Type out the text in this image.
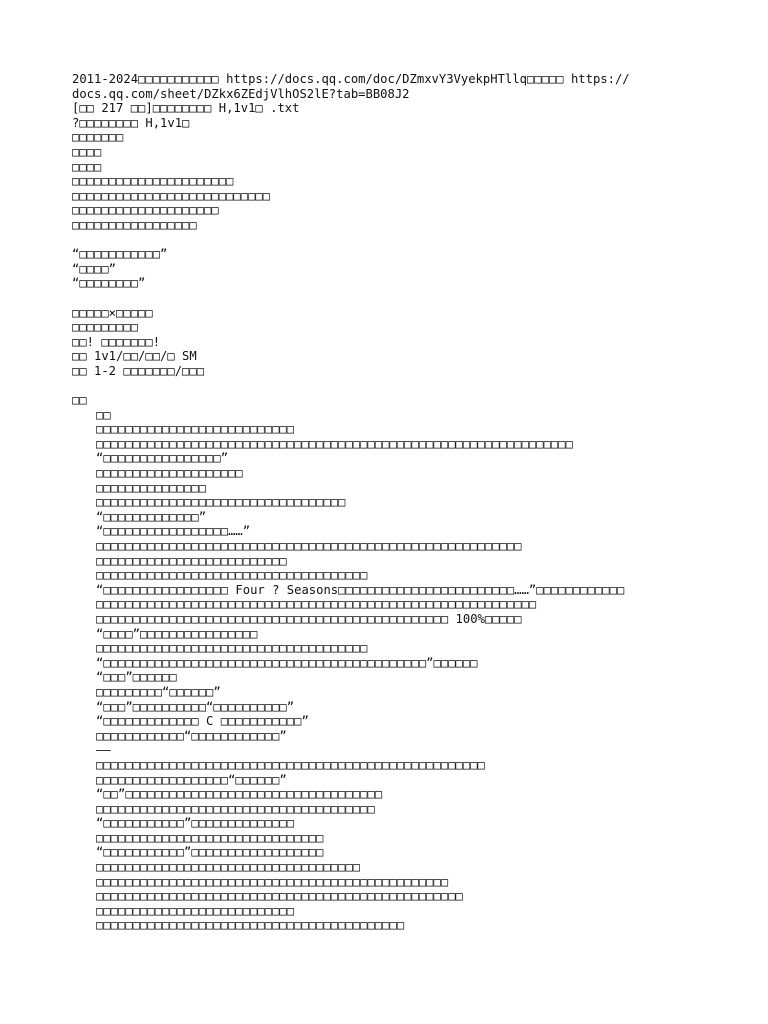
2011-2024□□□□□□□□□□□ https://docs.qq.com/doc/DZmxvY3VyekpHTllq□□□□□ https://
docs.qq.com/sheet/DZkx6ZEdjVlhOS2lE?tab=BB08J2
[□□ 217 □□]□□□□□□□□ H,1v1□ .txt
?□□□□□□□□ H,1v1□
□□□□□□□
□□□□
□□□□
□□□□□□□□□□□□□□□□□□□□□□
□□□□□□□□□□□□□□□□□□□□□□□□□□□
□□□□□□□□□□□□□□□□□□□□
□□□□□□□□□□□□□□□□□
“□□□□□□□□□□□”
“□□□□”
“□□□□□□□□”
□□□□□×□□□□□
□□□□□□□□□
□□! □□□□□□□!
□□ 1v1/□□/□□/□ SM
□□ 1-2 □□□□□□□/□□□
□□
□□
□□□□□□□□□□□□□□□□□□□□□□□□□□□
□□□□□□□□□□□□□□□□□□□□□□□□□□□□□□□□□□□□□□□□□□□□□□□□□□□□□□□□□□□□□□□□□
“□□□□□□□□□□□□□□□□”
□□□□□□□□□□□□□□□□□□□□
□□□□□□□□□□□□□□□
□□□□□□□□□□□□□□□□□□□□□□□□□□□□□□□□□□
“□□□□□□□□□□□□□”
“□□□□□□□□□□□□□□□□□……”
□□□□□□□□□□□□□□□□□□□□□□□□□□□□□□□□□□□□□□□□□□□□□□□□□□□□□□□□□□
□□□□□□□□□□□□□□□□□□□□□□□□□□
□□□□□□□□□□□□□□□□□□□□□□□□□□□□□□□□□□□□□
“□□□□□□□□□□□□□□□□□ Four ? Seasons□□□□□□□□□□□□□□□□□□□□□□□□……”□□□□□□□□□□□□
□□□□□□□□□□□□□□□□□□□□□□□□□□□□□□□□□□□□□□□□□□□□□□□□□□□□□□□□□□□□
□□□□□□□□□□□□□□□□□□□□□□□□□□□□□□□□□□□□□□□□□□□□□□□□ 100%□□□□□
“□□□□”□□□□□□□□□□□□□□□□
□□□□□□□□□□□□□□□□□□□□□□□□□□□□□□□□□□□□□
“□□□□□□□□□□□□□□□□□□□□□□□□□□□□□□□□□□□□□□□□□□□□”□□□□□□
“□□□”□□□□□□
□□□□□□□□□“□□□□□□”
“□□□”□□□□□□□□□□“□□□□□□□□□□”
“□□□□□□□□□□□□□ C □□□□□□□□□□□”
□□□□□□□□□□□□“□□□□□□□□□□□□”
——
□□□□□□□□□□□□□□□□□□□□□□□□□□□□□□□□□□□□□□□□□□□□□□□□□□□□□
□□□□□□□□□□□□□□□□□□“□□□□□□”
“□□”□□□□□□□□□□□□□□□□□□□□□□□□□□□□□□□□□□□
□□□□□□□□□□□□□□□□□□□□□□□□□□□□□□□□□□□□□□
“□□□□□□□□□□□”□□□□□□□□□□□□□□
□□□□□□□□□□□□□□□□□□□□□□□□□□□□□□□
“□□□□□□□□□□□”□□□□□□□□□□□□□□□□□□
□□□□□□□□□□□□□□□□□□□□□□□□□□□□□□□□□□□□
□□□□□□□□□□□□□□□□□□□□□□□□□□□□□□□□□□□□□□□□□□□□□□□□
□□□□□□□□□□□□□□□□□□□□□□□□□□□□□□□□□□□□□□□□□□□□□□□□□□
□□□□□□□□□□□□□□□□□□□□□□□□□□□
□□□□□□□□□□□□□□□□□□□□□□□□□□□□□□□□□□□□□□□□□□
